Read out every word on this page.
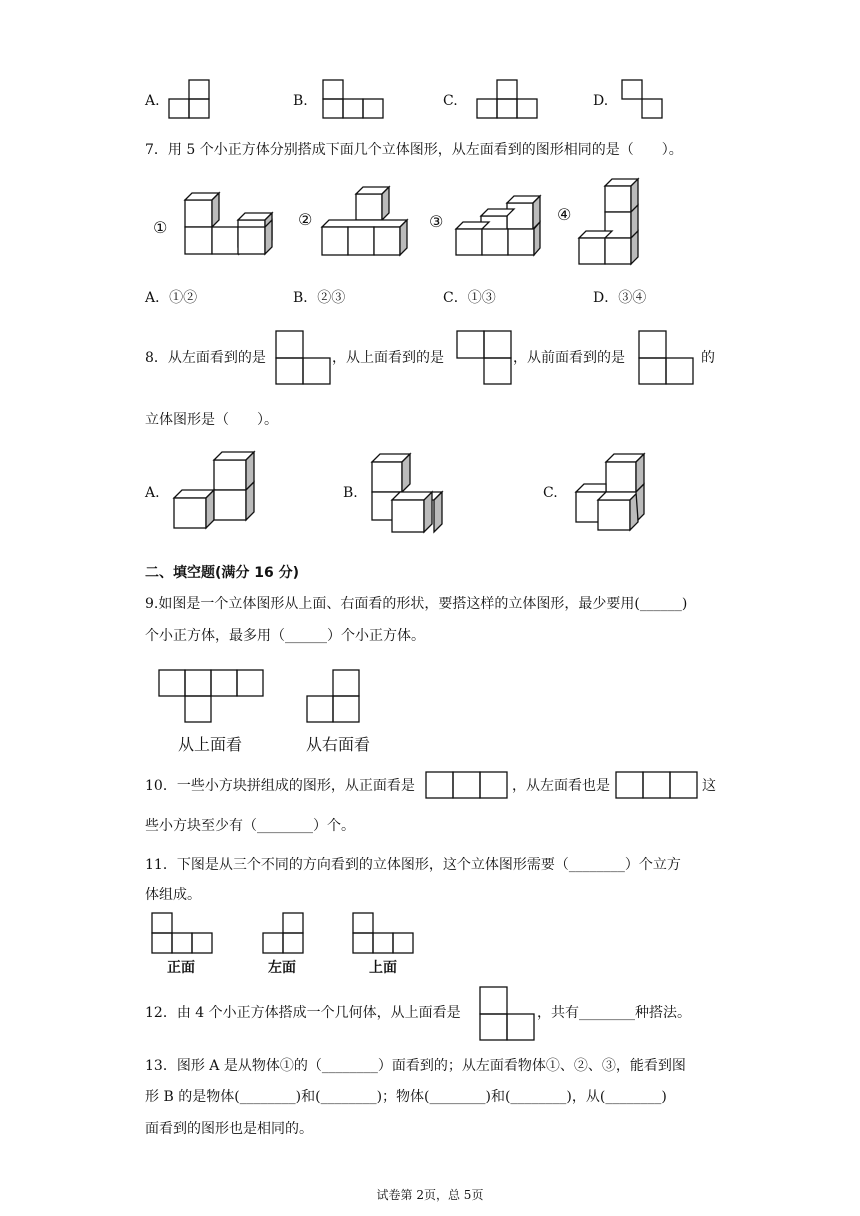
A.	B.	C.	D.
7．用 5 个小正方体分别搭成下面几个立体图形，从左面看到的图形相同的是（　　）。
①	②	③	④
A．①②	B．②③	C．①③	D．③④
8．从左面看到的是	，从上面看到的是	，从前面看到的是	的
立体图形是（　　）。
A.	B.	C.
二、填空题(满分 16 分)
9.如图是一个立体图形从上面、右面看的形状，要搭这样的立体图形，最少要用(______)
个小正方体，最多用（______）个小正方体。
从上面看	从右面看
10．一些小方块拼组成的图形，从正面看是	，从左面看也是	这
些小方块至少有（________）个。
11．下图是从三个不同的方向看到的立体图形，这个立体图形需要（________）个立方
体组成。
正面	左面	上面
12．由 4 个小正方体搭成一个几何体，从上面看是	，共有________种搭法。
13．图形 A 是从物体①的（________）面看到的；从左面看物体①、②、③，能看到图
形 B 的是物体(________)和(________)；物体(________)和(________)，从(________)
面看到的图形也是相同的。
试卷第 2页，总 5页
